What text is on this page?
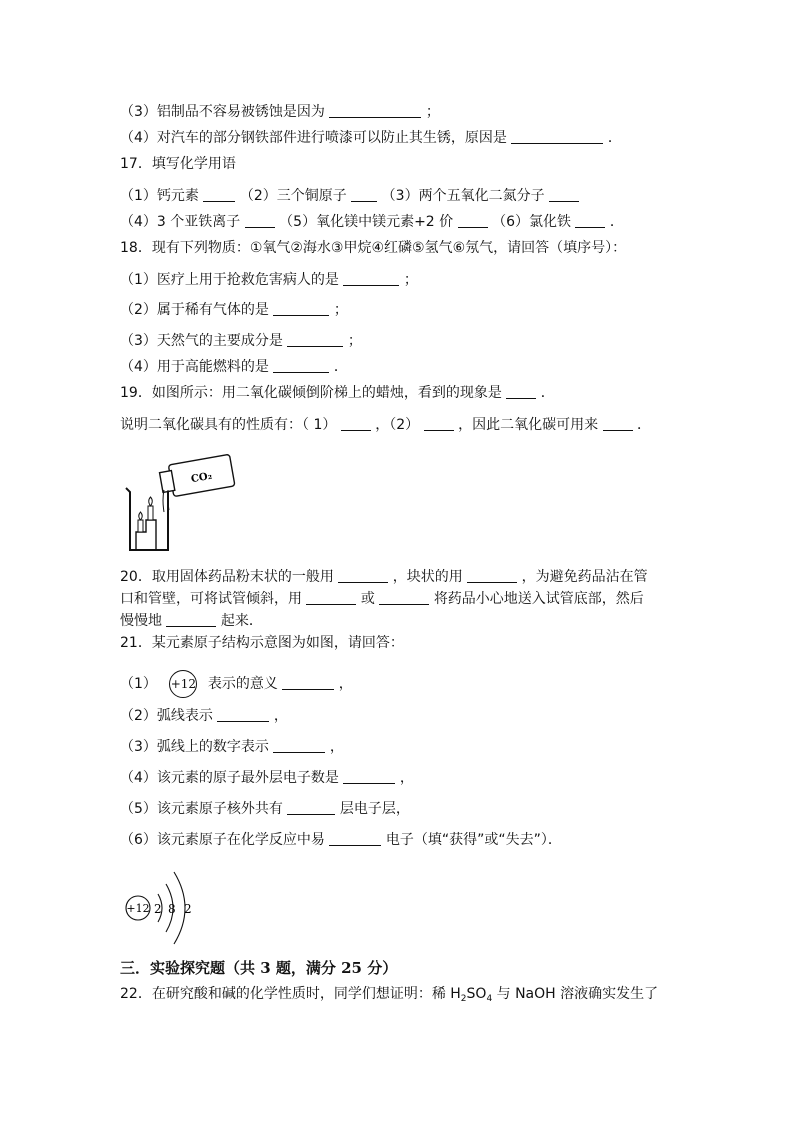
（3）铝制品不容易被锈蚀是因为	；
（4）对汽车的部分钢铁部件进行喷漆可以防止其生锈，原因是	．
17．填写化学用语
（1）钙元素	（2）三个铜原子 （3）两个五氧化二氮分子
（4）3 个亚铁离子	（5）氧化镁中镁元素+2 价	（6）氯化铁	．
18．现有下列物质：①氧气②海水③甲烷④红磷⑤氢气⑥氖气，请回答（填序号）：
（1）医疗上用于抢救危害病人的是	；
（2）属于稀有气体的是	；
（3）天然气的主要成分是	；
（4）用于高能燃料的是	．
19．如图所示：用二氧化碳倾倒阶梯上的蜡烛，看到的现象是	．
说明二氧化碳具有的性质有：（ 1）	，（2）	，因此二氧化碳可用来	．
CO₂
20．取用固体药品粉末状的一般用	，块状的用	，为避免药品沾在管
口和管壁，可将试管倾斜，用	或	将药品小心地送入试管底部，然后
慢慢地	起来．
21．某元素原子结构示意图为如图，请回答：
（1） +12 表示的意义	，
（2）弧线表示	，
（3）弧线上的数字表示	，
（4）该元素的原子最外层电子数是	，
（5）该元素原子核外共有	层电子层，
（6）该元素原子在化学反应中易	电子（填“获得”或“失去”）．
+12 2 8 2
三．实验探究题（共 3 题，满分 25 分）
22．在研究酸和碱的化学性质时，同学们想证明：稀 $H_2SO_4$ 与 NaOH 溶液确实发生了
